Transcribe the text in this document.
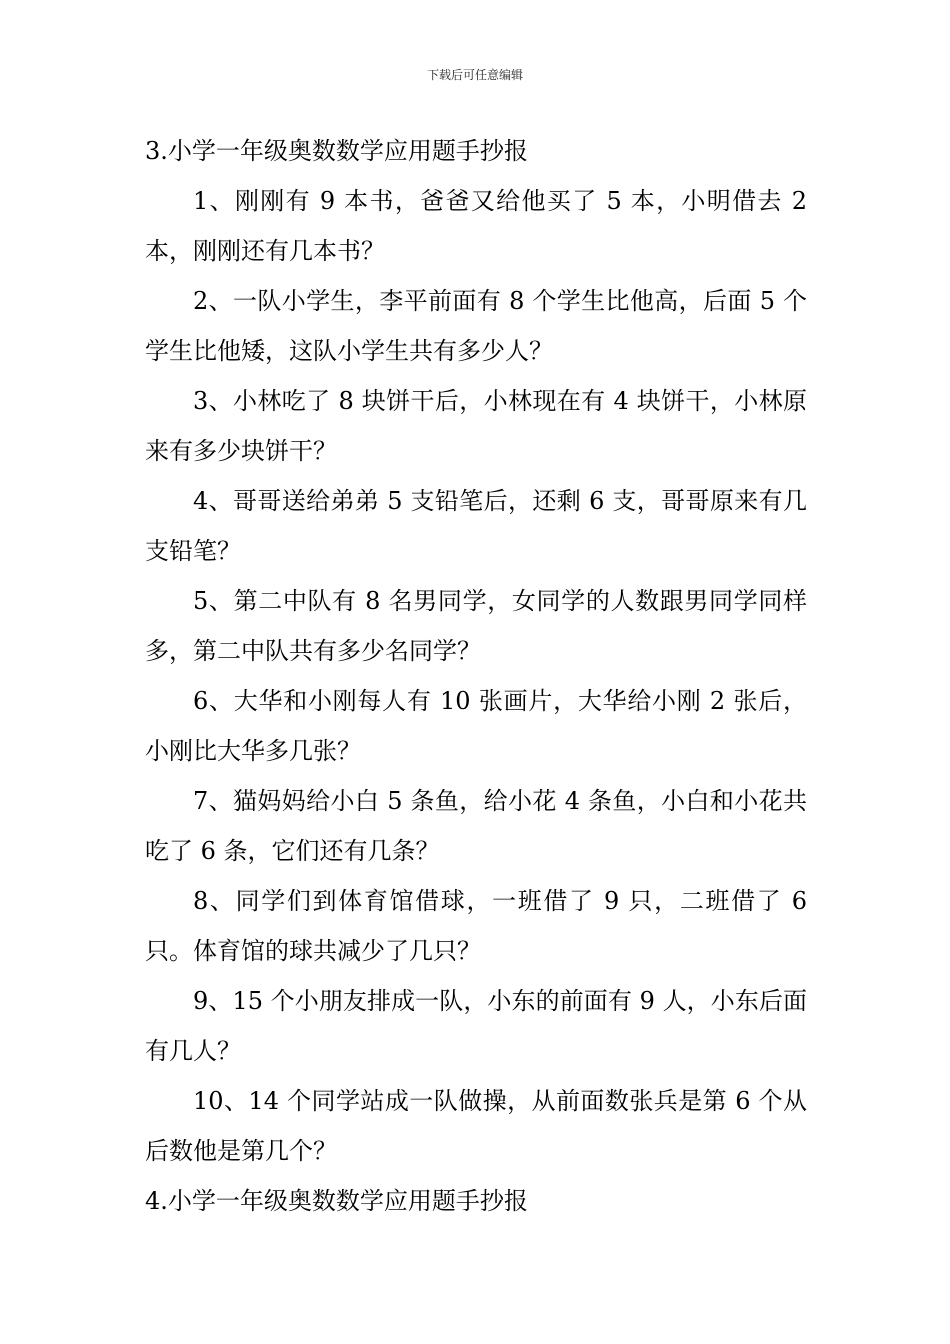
下载后可任意编辑
3.小学一年级奥数数学应用题手抄报

1、刚刚有 9 本书，爸爸又给他买了 5 本，小明借去 2 本，刚刚还有几本书？

2、一队小学生，李平前面有 8 个学生比他高，后面 5 个学生比他矮，这队小学生共有多少人？

3、小林吃了 8 块饼干后，小林现在有 4 块饼干，小林原来有多少块饼干？

4、哥哥送给弟弟 5 支铅笔后，还剩 6 支，哥哥原来有几支铅笔？

5、第二中队有 8 名男同学，女同学的人数跟男同学同样多，第二中队共有多少名同学？

6、大华和小刚每人有 10 张画片，大华给小刚 2 张后，小刚比大华多几张？

7、猫妈妈给小白 5 条鱼，给小花 4 条鱼，小白和小花共吃了 6 条，它们还有几条？

8、同学们到体育馆借球，一班借了 9 只，二班借了 6 只。体育馆的球共减少了几只？

9、15 个小朋友排成一队，小东的前面有 9 人，小东后面有几人？

10、14 个同学站成一队做操，从前面数张兵是第 6 个从后数他是第几个？

4.小学一年级奥数数学应用题手抄报
